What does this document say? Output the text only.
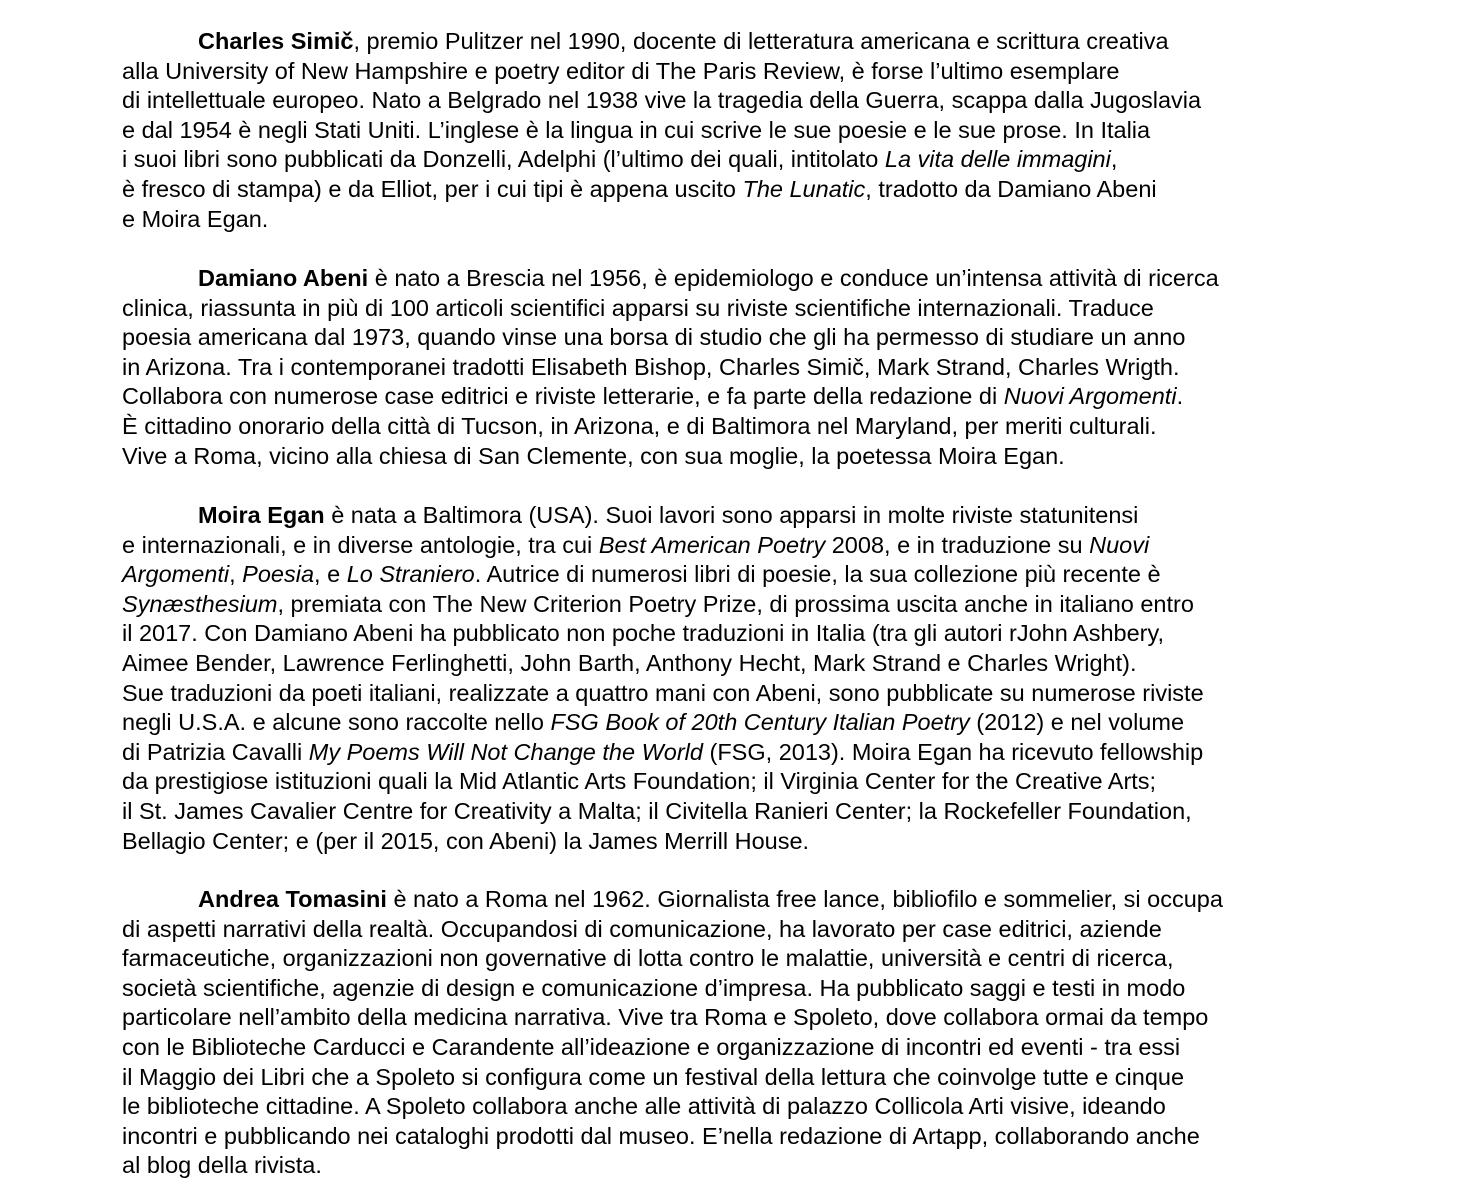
Charles Simič, premio Pulitzer nel 1990, docente di letteratura americana e scrittura creativa
alla University of New Hampshire e poetry editor di The Paris Review, è forse l’ultimo esemplare
di intellettuale europeo. Nato a Belgrado nel 1938 vive la tragedia della Guerra, scappa dalla Jugoslavia
e dal 1954 è negli Stati Uniti. L’inglese è la lingua in cui scrive le sue poesie e le sue prose. In Italia
i suoi libri sono pubblicati da Donzelli, Adelphi (l’ultimo dei quali, intitolato La vita delle immagini,
è fresco di stampa) e da Elliot, per i cui tipi è appena uscito The Lunatic, tradotto da Damiano Abeni
e Moira Egan.
Damiano Abeni è nato a Brescia nel 1956, è epidemiologo e conduce un’intensa attività di ricerca
clinica, riassunta in più di 100 articoli scientifici apparsi su riviste scientifiche internazionali. Traduce
poesia americana dal 1973, quando vinse una borsa di studio che gli ha permesso di studiare un anno
in Arizona. Tra i contemporanei tradotti Elisabeth Bishop, Charles Simič, Mark Strand, Charles Wrigth.
Collabora con numerose case editrici e riviste letterarie, e fa parte della redazione di Nuovi Argomenti.
È cittadino onorario della città di Tucson, in Arizona, e di Baltimora nel Maryland, per meriti culturali.
Vive a Roma, vicino alla chiesa di San Clemente, con sua moglie, la poetessa Moira Egan.
Moira Egan è nata a Baltimora (USA). Suoi lavori sono apparsi in molte riviste statunitensi
e internazionali, e in diverse antologie, tra cui Best American Poetry 2008, e in traduzione su Nuovi
Argomenti, Poesia, e Lo Straniero. Autrice di numerosi libri di poesie, la sua collezione più recente è
Synæsthesium, premiata con The New Criterion Poetry Prize, di prossima uscita anche in italiano entro
il 2017. Con Damiano Abeni ha pubblicato non poche traduzioni in Italia (tra gli autori rJohn Ashbery,
Aimee Bender, Lawrence Ferlinghetti, John Barth, Anthony Hecht, Mark Strand e Charles Wright).
Sue traduzioni da poeti italiani, realizzate a quattro mani con Abeni, sono pubblicate su numerose riviste
negli U.S.A. e alcune sono raccolte nello FSG Book of 20th Century Italian Poetry (2012) e nel volume
di Patrizia Cavalli My Poems Will Not Change the World (FSG, 2013). Moira Egan ha ricevuto fellowship
da prestigiose istituzioni quali la Mid Atlantic Arts Foundation; il Virginia Center for the Creative Arts;
il St. James Cavalier Centre for Creativity a Malta; il Civitella Ranieri Center; la Rockefeller Foundation,
Bellagio Center; e (per il 2015, con Abeni) la James Merrill House.
Andrea Tomasini è nato a Roma nel 1962. Giornalista free lance, bibliofilo e sommelier, si occupa
di aspetti narrativi della realtà. Occupandosi di comunicazione, ha lavorato per case editrici, aziende
farmaceutiche, organizzazioni non governative di lotta contro le malattie, università e centri di ricerca,
società scientifiche, agenzie di design e comunicazione d’impresa. Ha pubblicato saggi e testi in modo
particolare nell’ambito della medicina narrativa. Vive tra Roma e Spoleto, dove collabora ormai da tempo
con le Biblioteche Carducci e Carandente all’ideazione e organizzazione di incontri ed eventi - tra essi
il Maggio dei Libri che a Spoleto si configura come un festival della lettura che coinvolge tutte e cinque
le biblioteche cittadine. A Spoleto collabora anche alle attività di palazzo Collicola Arti visive, ideando
incontri e pubblicando nei cataloghi prodotti dal museo. E’nella redazione di Artapp, collaborando anche
al blog della rivista.
